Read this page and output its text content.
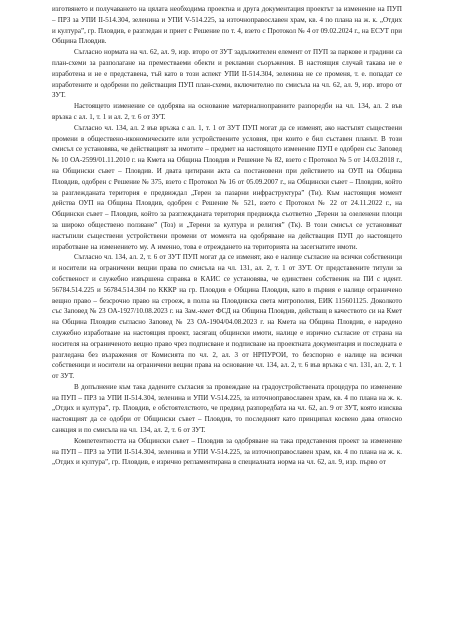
изготвянето и получаването на цялата необходима проектна и друга документация проектът за изменение на ПУП – ПРЗ за УПИ II-514.304, зеленина и УПИ V-514.225, за източноправославен храм, кв. 4 по плана на ж. к. „Отдих и култура”, гр. Пловдив, е разгледан и приет с Решение по т. 4, взето с Протокол № 4 от 09.02.2024 г., на ЕСУТ при Община Пловдив.

Съгласно нормата на чл. 62, ал. 9, изр. второ от ЗУТ задължителен елемент от ПУП за паркове и градини са план-схеми за разполагане на преместваеми обекти и рекламни съоръжения. В настоящия случай такава не е изработена и не е представена, тъй като в този аспект УПИ II-514.304, зеленина не се променя, т. е. попадат се изработените и одобрени по действащия ПУП план-схеми, включително по смисъла на чл. 62, ал. 9, изр. второ от ЗУТ.

Настоящето изменение се одобрява на основание материалноправните разпоредби на чл. 134, ал. 2 във връзка с ал. 1, т. 1 и ал. 2, т. 6 от ЗУТ.

Съгласно чл. 134, ал. 2 във връзка с ал. 1, т. 1 от ЗУТ ПУП могат да се изменят, ако настъпят съществени промени в обществено-икономическите или устройствените условия, при които е бил съставен планът. В този смисъл се установява, че действащият за имотите – предмет на настоящото изменение ПУП е одобрен със Заповед № 10 ОА-2599/01.11.2010 г. на Кмета на Община Пловдив и Решение № 82, взето с Протокол № 5 от 14.03.2018 г., на Общински съвет – Пловдив. И двата цитирани акта са постановени при действието на ОУП на Община Пловдив, одобрен с Решение № 375, взето с Протокол № 16 от 05.09.2007 г., на Общински съвет – Пловдив, който за разглежданата територия е предвиждал „Терен за пазарни инфраструктура” (Ти). Към настоящия момент действа ОУП на Община Пловдив, одобрен с Решение № 521, взето с Протокол № 22 от 24.11.2022 г., на Общински съвет – Пловдив, който за разглежданата територия предвижда съответно „Терени за озеленени площи за широко обществено ползване” (Тоз) и „Терени за култура и религия” (Тк). В този смисъл се установяват настъпили съществени устройствени промени от момента на одобряване на действащия ПУП до настоящето изработване на изменението му. А именно, това е отреждането на територията на засегнатите имоти.

Съгласно чл. 134, ал. 2, т. 6 от ЗУТ ПУП могат да се изменят, ако е налице съгласие на всички собственици и носители на ограничени вещни права по смисъла на чл. 131, ал. 2, т. 1 от ЗУТ. От представените титули за собственост и служебно извършена справка в КАИС се установява, че единствен собственик на ПИ с идент. 56784.514.225 и 56784.514.304 по КККР на гр. Пловдив е Община Пловдив, като в първия е налице ограничено вещно право – безсрочно право на строеж, в полза на Пловдивска света митрополия, ЕИК 115601125. Доколкото със Заповед № 23 ОА-1927/10.08.2023 г. на Зам.-кмет ФСД на Община Пловдив, действащ в качеството си на Кмет на Община Пловдив съгласно Заповед № 23 ОА-1904/04.08.2023 г. на Кмета на Община Пловдив, е наредено служебно изработване на настоящия проект, засягащ общински имоти, налице е изрично съгласие от страна на носителя на ограниченото вещно право чрез подписване и подписване на проектната документация и последната е разгледана без възражения от Комисията по чл. 2, ал. 3 от НРПУРОИ, то безспорно е налице на всички собственици и носители на ограничени вещни права на основание чл. 134, ал. 2, т. 6 във връзка с чл. 131, ал. 2, т. 1 от ЗУТ.

В допълнение към така дадените съгласия за провеждане на градоустройствената процедура по изменение на ПУП – ПРЗ за УПИ II-514.304, зеленина и УПИ V-514.225, за източноправославен храм, кв. 4 по плана на ж. к. „Отдих и култура”, гр. Пловдив, е обстоятелството, че предвид разпоредбата на чл. 62, ал. 9 от ЗУТ, която изисква настоящият да се одобри от Общински съвет – Пловдив, то последният като принципал косвено дава относно санкция и по смисъла на чл. 134, ал. 2, т. 6 от ЗУТ.

Компетентността на Общински съвет – Пловдив за одобряване на така представения проект за изменение на ПУП – ПРЗ за УПИ II-514.304, зеленина и УПИ V-514.225, за източноправославен храм, кв. 4 по плана на ж. к. „Отдих и култура”, гр. Пловдив, е изрично регламентирана в специалната норма на чл. 62, ал. 9, изр. първо от
